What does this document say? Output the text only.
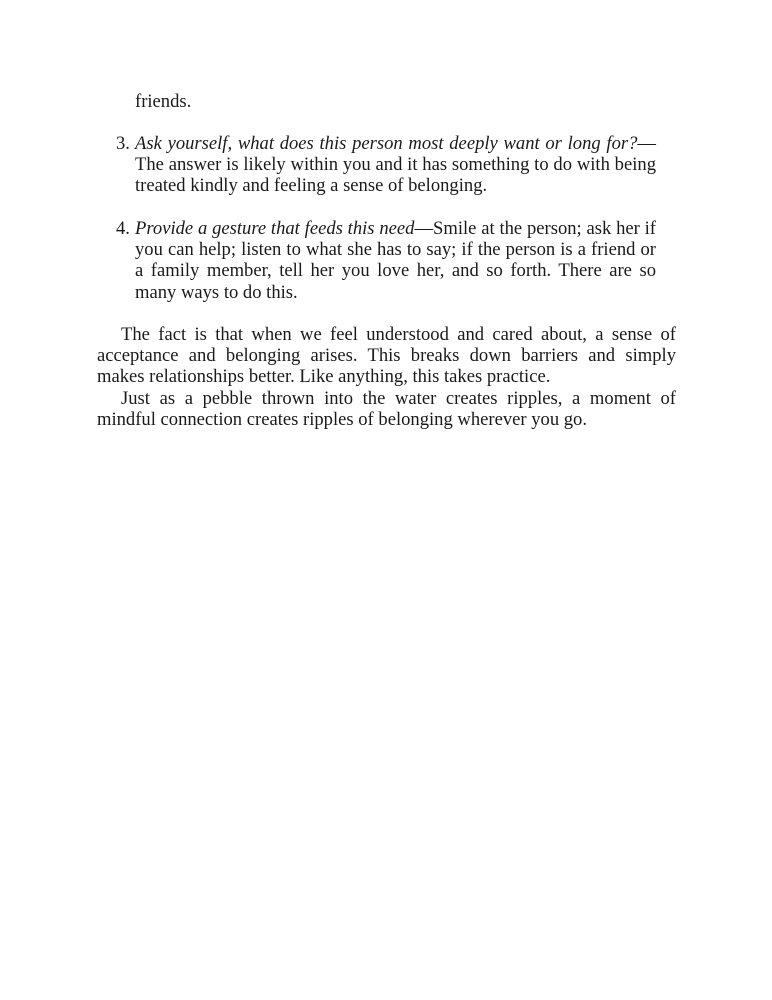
friends.
3. Ask yourself, what does this person most deeply want or long for?— The answer is likely within you and it has something to do with being treated kindly and feeling a sense of belonging.
4. Provide a gesture that feeds this need—Smile at the person; ask her if you can help; listen to what she has to say; if the person is a friend or a family member, tell her you love her, and so forth. There are so many ways to do this.
The fact is that when we feel understood and cared about, a sense of acceptance and belonging arises. This breaks down barriers and simply makes relationships better. Like anything, this takes practice.
Just as a pebble thrown into the water creates ripples, a moment of mindful connection creates ripples of belonging wherever you go.
